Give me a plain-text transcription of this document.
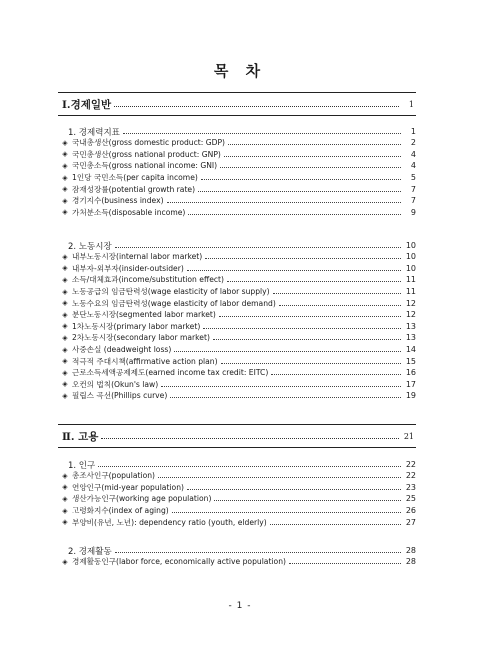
목 차
Ⅰ.경제일반	1
1. 경제력지표	1
◈ 국내총생산(gross domestic product: GDP)	2
◈ 국민총생산(gross national product: GNP)	4
◈ 국민총소득(gross national income: GNI)	4
◈ 1인당 국민소득(per capita income)	5
◈ 잠재성장률(potential growth rate)	7
◈ 경기지수(business index)	7
◈ 가처분소득(disposable income)	9
2. 노동시장	10
◈ 내부노동시장(internal labor market)	10
◈ 내부자-외부자(insider-outsider)	10
◈ 소득/대체효과(income/substitution effect)	11
◈ 노동공급의 임금탄력성(wage elasticity of labor supply)	11
◈ 노동수요의 임금탄력성(wage elasticity of labor demand)	12
◈ 분단노동시장(segmented labor market)	12
◈ 1차노동시장(primary labor market)	13
◈ 2차노동시장(secondary labor market)	13
◈ 사중손실 (deadweight loss)	14
◈ 적극적 주대시책(affirmative action plan)	15
◈ 근로소득세액공제제도(earned income tax credit: EITC)	16
◈ 오컨의 법칙(Okun's law)	17
◈ 필립스 곡선(Phillips curve)	19
Ⅱ. 고용	21
1. 인구	22
◈ 총조사인구(population)	22
◈ 연앙인구(mid-year population)	23
◈ 생산가능인구(working age population)	25
◈ 고령화지수(index of aging)	26
◈ 부양비(유년, 노년): dependency ratio (youth, elderly)	27
2. 경제활동	28
◈ 경제활동인구(labor force, economically active population)	28
- 1 -
